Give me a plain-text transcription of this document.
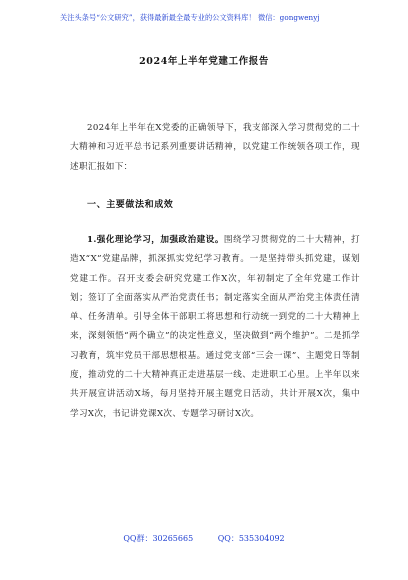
关注头条号“公文研究”，获得最新最全最专业的公文资料库！ 微信：gongwenyj
2024年上半年党建工作报告

2024年上半年在X党委的正确领导下，我支部深入学习贯彻党的二十大精神和习近平总书记系列重要讲话精神，以党建工作统领各项工作，现述职汇报如下：

一、主要做法和成效

1.强化理论学习，加强政治建设。围绕学习贯彻党的二十大精神，打造X“X”党建品牌，抓深抓实党纪学习教育。一是坚持带头抓党建，谋划党建工作。召开支委会研究党建工作X次，年初制定了全年党建工作计划；签订了全面落实从严治党责任书；制定落实全面从严治党主体责任清单、任务清单。引导全体干部职工将思想和行动统一到党的二十大精神上来，深刻领悟“两个确立”的决定性意义，坚决做到“两个维护”。二是抓学习教育，筑牢党员干部思想根基。通过党支部“三会一课”、主题党日等制度，推动党的二十大精神真正走进基层一线、走进职工心里。上半年以来共开展宣讲活动X场，每月坚持开展主题党日活动，共计开展X次，集中学习X次，书记讲党课X次、专题学习研讨X次。

QQ群：30265665	QQ：535304092
